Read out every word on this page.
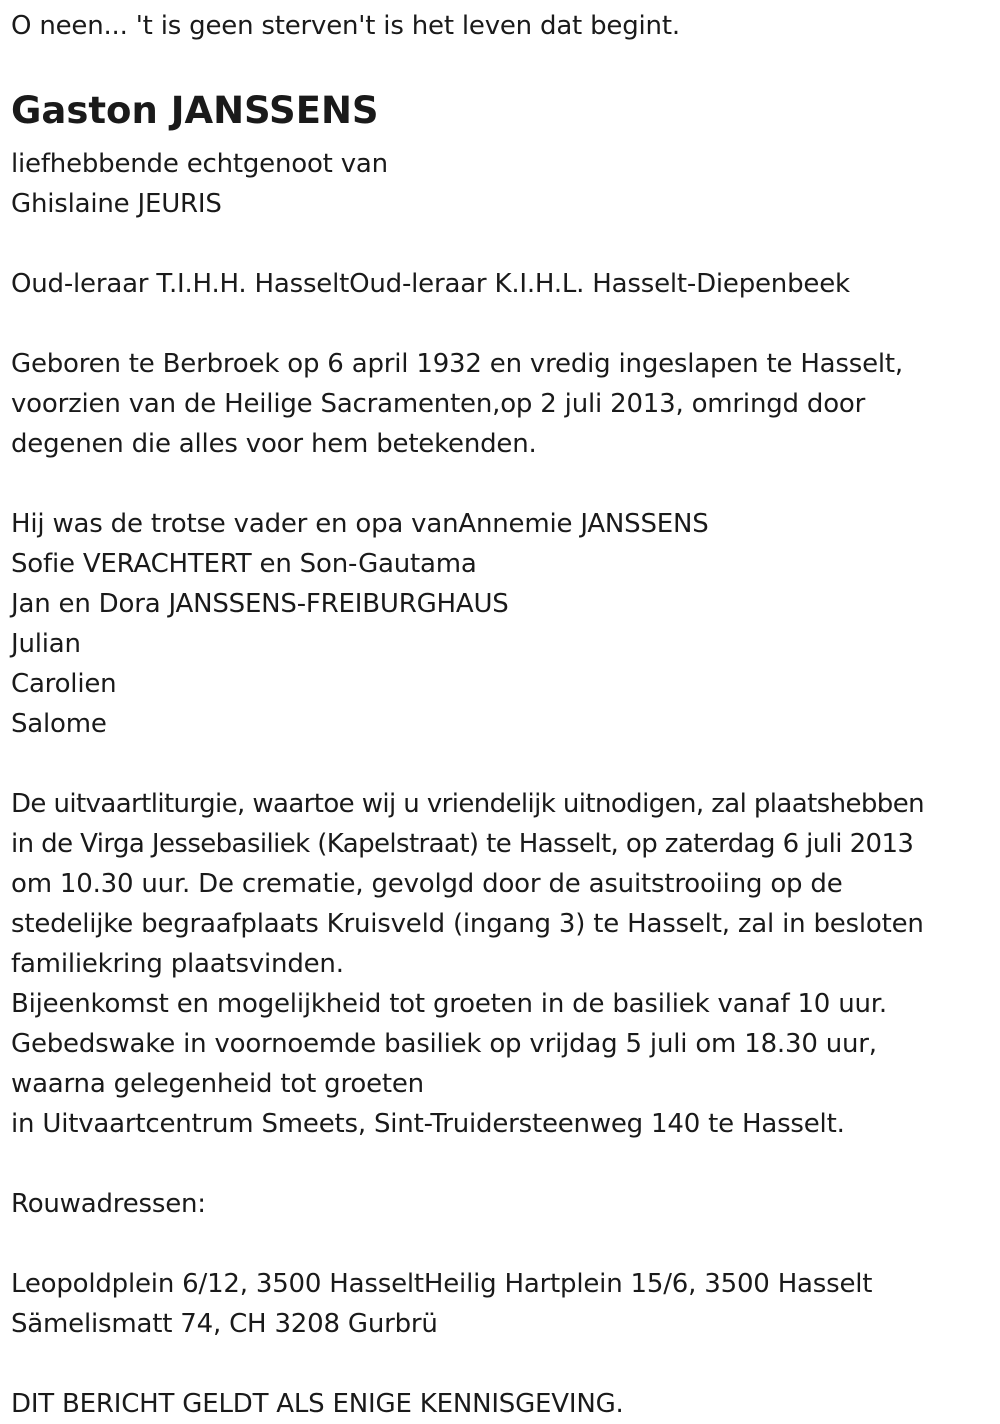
O neen... 't is geen sterven't is het leven dat begint.
Gaston JANSSENS
liefhebbende echtgenoot van
Ghislaine JEURIS
Oud-leraar T.I.H.H. HasseltOud-leraar K.I.H.L. Hasselt-Diepenbeek
Geboren te Berbroek op 6 april 1932 en vredig ingeslapen te Hasselt,
voorzien van de Heilige Sacramenten,op 2 juli 2013, omringd door
degenen die alles voor hem betekenden.
Hij was de trotse vader en opa vanAnnemie JANSSENS
Sofie VERACHTERT en Son-Gautama
Jan en Dora JANSSENS-FREIBURGHAUS
Julian
Carolien
Salome
De uitvaartliturgie, waartoe wij u vriendelijk uitnodigen, zal plaatshebben
in de Virga Jessebasiliek (Kapelstraat) te Hasselt, op zaterdag 6 juli 2013
om 10.30 uur. De crematie, gevolgd door de asuitstrooiing op de
stedelijke begraafplaats Kruisveld (ingang 3) te Hasselt, zal in besloten
familiekring plaatsvinden.
Bijeenkomst en mogelijkheid tot groeten in de basiliek vanaf 10 uur.
Gebedswake in voornoemde basiliek op vrijdag 5 juli om 18.30 uur,
waarna gelegenheid tot groeten
in Uitvaartcentrum Smeets, Sint-Truidersteenweg 140 te Hasselt.
Rouwadressen:
Leopoldplein 6/12, 3500 HasseltHeilig Hartplein 15/6, 3500 Hasselt
Sämelismatt 74, CH 3208 Gurbrü
DIT BERICHT GELDT ALS ENIGE KENNISGEVING.
